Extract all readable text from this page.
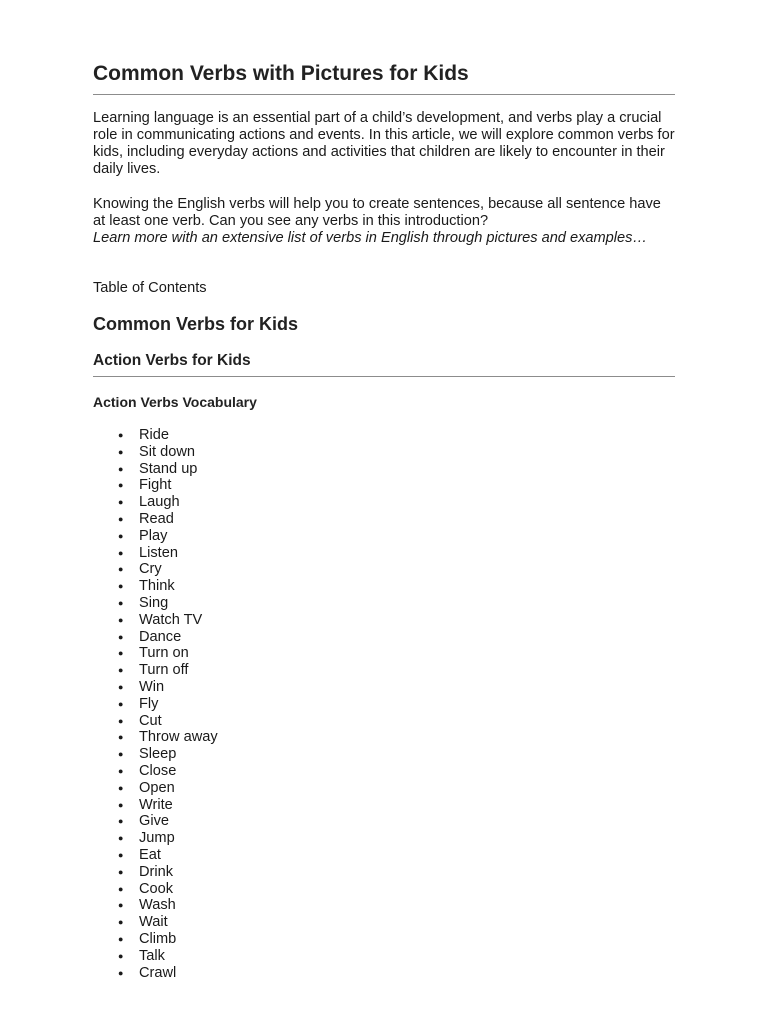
Common Verbs with Pictures for Kids

Learning language is an essential part of a child’s development, and verbs play a crucial role in communicating actions and events. In this article, we will explore common verbs for kids, including everyday actions and activities that children are likely to encounter in their daily lives.

Knowing the English verbs will help you to create sentences, because all sentence have at least one verb. Can you see any verbs in this introduction?
Learn more with an extensive list of verbs in English through pictures and examples…

Table of Contents

Common Verbs for Kids
Action Verbs for Kids
Action Verbs Vocabulary
● Ride
● Sit down
● Stand up
● Fight
● Laugh
● Read
● Play
● Listen
● Cry
● Think
● Sing
● Watch TV
● Dance
● Turn on
● Turn off
● Win
● Fly
● Cut
● Throw away
● Sleep
● Close
● Open
● Write
● Give
● Jump
● Eat
● Drink
● Cook
● Wash
● Wait
● Climb
● Talk
● Crawl
